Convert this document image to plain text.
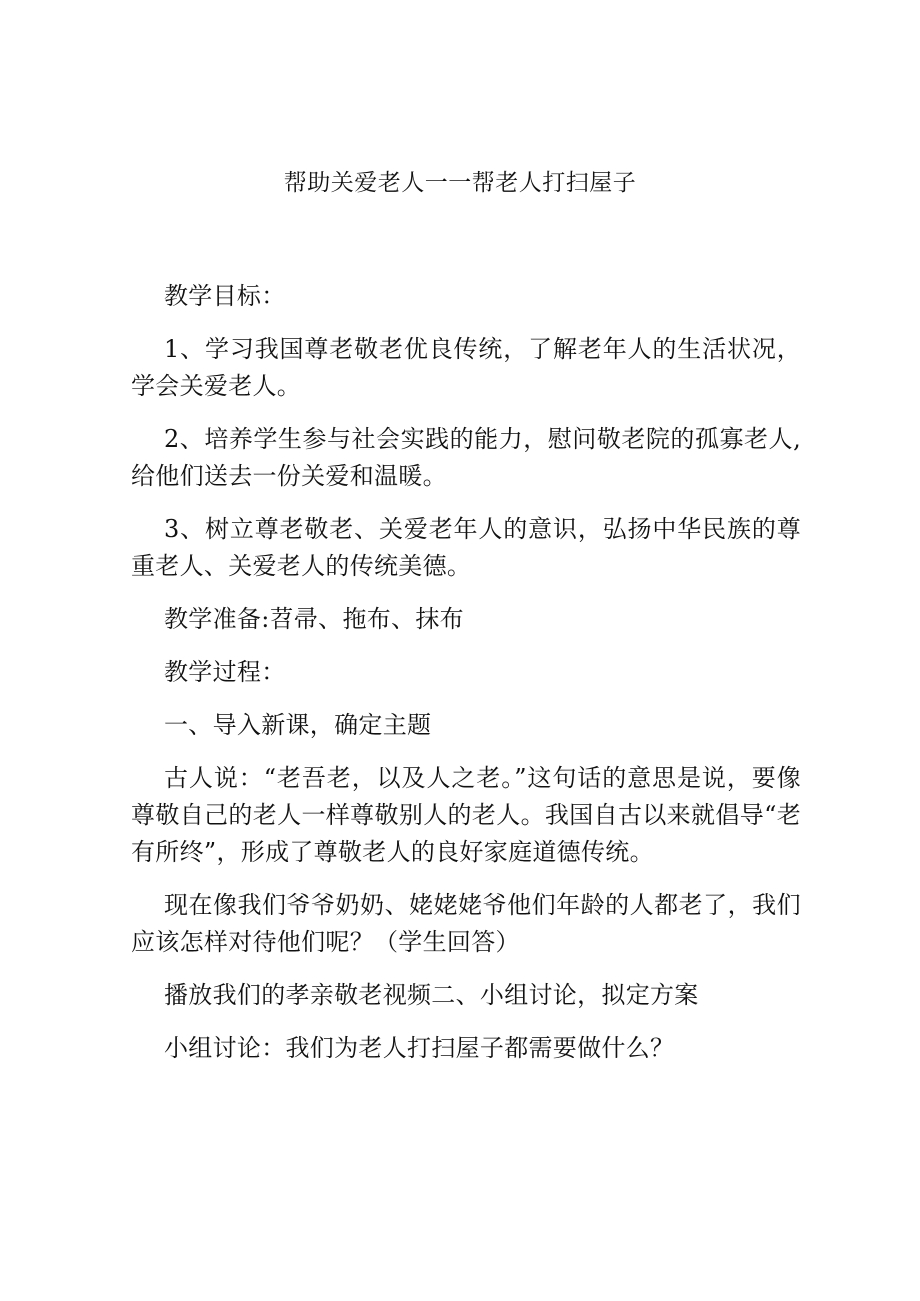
帮助关爱老人一一帮老人打扫屋子

教学目标：

1、学习我国尊老敬老优良传统，了解老年人的生活状况，学会关爱老人。

2、培养学生参与社会实践的能力，慰问敬老院的孤寡老人,给他们送去一份关爱和温暖。

3、树立尊老敬老、关爱老年人的意识，弘扬中华民族的尊重老人、关爱老人的传统美德。

教学准备:苕帚、拖布、抹布

教学过程：

一、导入新课，确定主题

古人说：“老吾老，以及人之老。”这句话的意思是说，要像尊敬自己的老人一样尊敬别人的老人。我国自古以来就倡导“老有所终”，形成了尊敬老人的良好家庭道德传统。

现在像我们爷爷奶奶、姥姥姥爷他们年龄的人都老了，我们应该怎样对待他们呢？（学生回答）

播放我们的孝亲敬老视频二、小组讨论，拟定方案

小组讨论：我们为老人打扫屋子都需要做什么？
